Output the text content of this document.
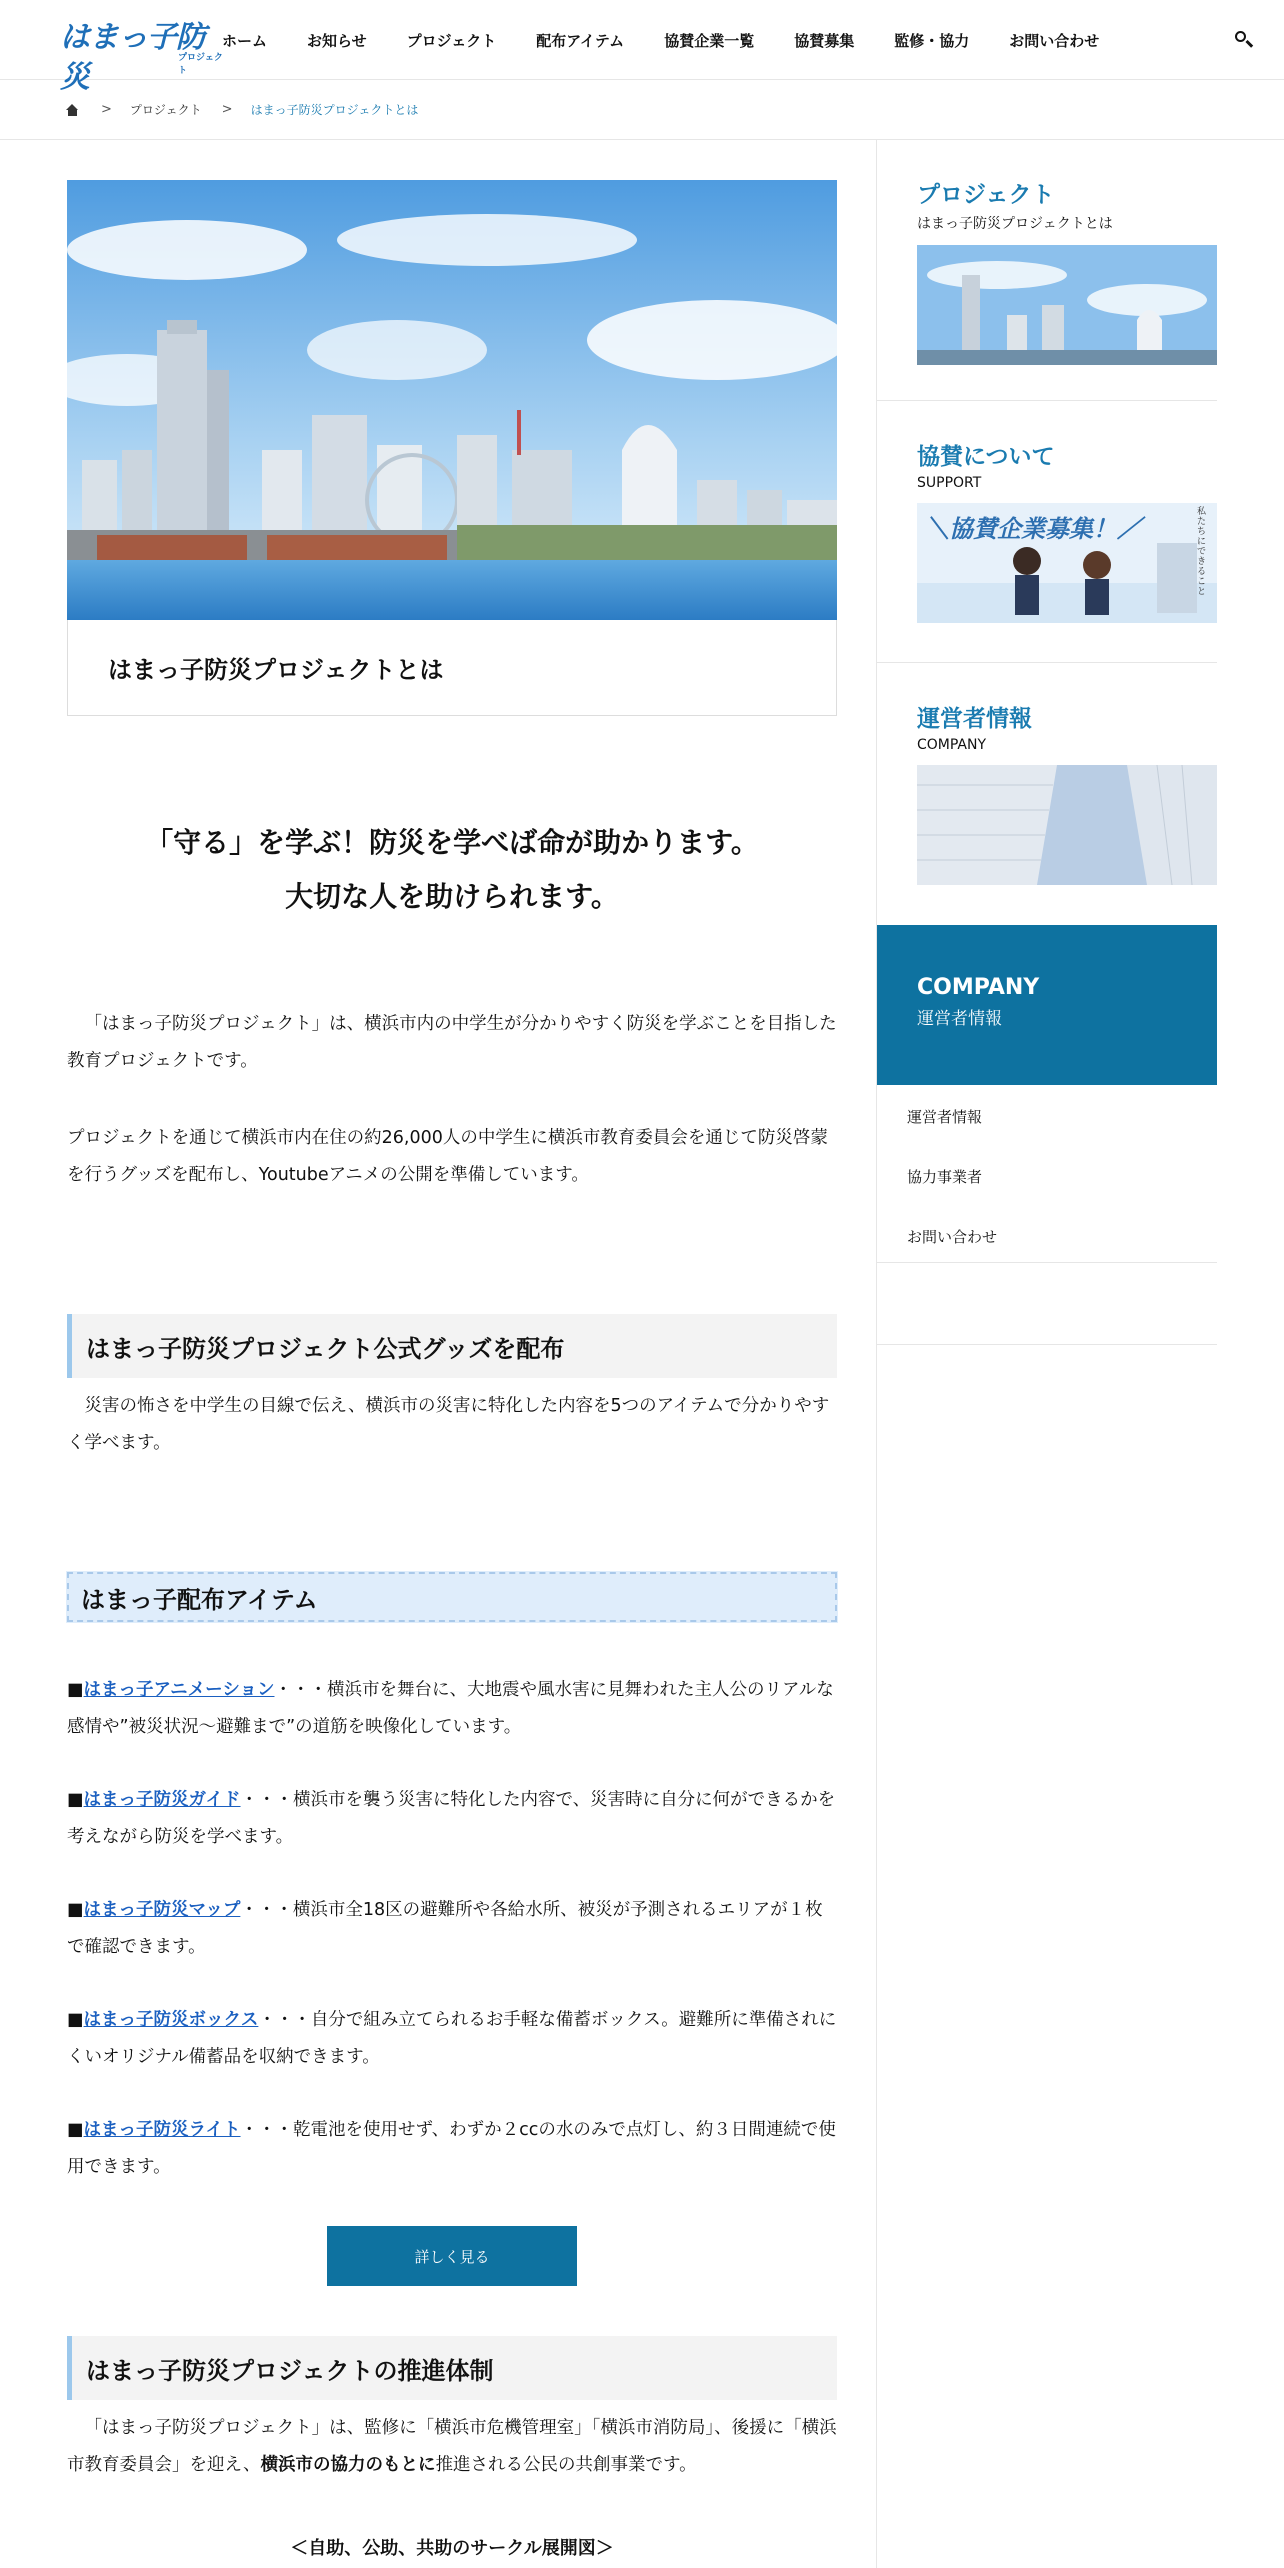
はまっ子防災
プロジェクト
ホーム	お知らせ	プロジェクト	配布アイテム	協賛企業一覧	協賛募集	監修・協力	お問い合わせ
> プロジェクト > はまっ子防災プロジェクトとは
はまっ子防災プロジェクトとは
「守る」を学ぶ！防災を学べば命が助かります。
大切な人を助けられます。

「はまっ子防災プロジェクト」は、横浜市内の中学生が分かりやすく防災を学ぶことを目指した教育プロジェクトです。

プロジェクトを通じて横浜市内在住の約26,000人の中学生に横浜市教育委員会を通じて防災啓蒙を行うグッズを配布し、Youtubeアニメの公開を準備しています。

はまっ子防災プロジェクト公式グッズを配布

災害の怖さを中学生の目線で伝え、横浜市の災害に特化した内容を5つのアイテムで分かりやすく学べます。

はまっ子配布アイテム

■はまっ子アニメーション・・・横浜市を舞台に、大地震や風水害に見舞われた主人公のリアルな感情や”被災状況〜避難まで”の道筋を映像化しています。

■はまっ子防災ガイド・・・横浜市を襲う災害に特化した内容で、災害時に自分に何ができるかを考えながら防災を学べます。

■はまっ子防災マップ・・・横浜市全18区の避難所や各給水所、被災が予測されるエリアが１枚で確認できます。

■はまっ子防災ボックス・・・自分で組み立てられるお手軽な備蓄ボックス。避難所に準備されにくいオリジナル備蓄品を収納できます。

■はまっ子防災ライト・・・乾電池を使用せず、わずか２ccの水のみで点灯し、約３日間連続で使用できます。

詳しく見る
はまっ子防災プロジェクトの推進体制

「はまっ子防災プロジェクト」は、監修に「横浜市危機管理室」「横浜市消防局」、後援に「横浜市教育委員会」を迎え、横浜市の協力のもとに推進される公民の共創事業です。

＜自助、公助、共助のサークル展開図＞
プロジェクト
はまっ子防災プロジェクトとは
協賛について
SUPPORT
＼協賛企業募集！／
私たちにできること
運営者情報
COMPANY
COMPANY
運営者情報
運営者情報
協力事業者
お問い合わせ
